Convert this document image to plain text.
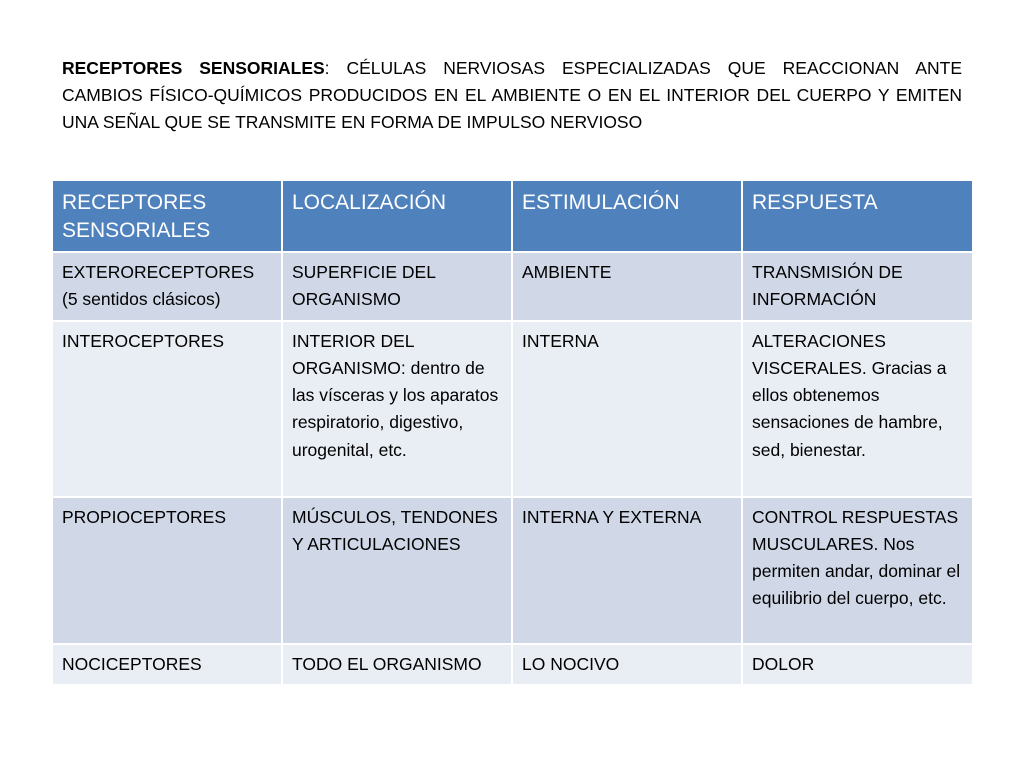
RECEPTORES SENSORIALES: CÉLULAS NERVIOSAS ESPECIALIZADAS QUE REACCIONAN ANTE CAMBIOS FÍSICO-QUÍMICOS PRODUCIDOS EN EL AMBIENTE O EN EL INTERIOR DEL CUERPO Y EMITEN UNA SEÑAL QUE SE TRANSMITE EN FORMA DE IMPULSO NERVIOSO

RECEPTORES SENSORIALES	LOCALIZACIÓN	ESTIMULACIÓN	RESPUESTA
EXTERORECEPTORES (5 sentidos clásicos)	SUPERFICIE DEL ORGANISMO	AMBIENTE	TRANSMISIÓN DE INFORMACIÓN
INTEROCEPTORES	INTERIOR DEL ORGANISMO: dentro de las vísceras y los aparatos respiratorio, digestivo, urogenital, etc.	INTERNA	ALTERACIONES VISCERALES. Gracias a ellos obtenemos sensaciones de hambre, sed, bienestar.
PROPIOCEPTORES	MÚSCULOS, TENDONES Y ARTICULACIONES	INTERNA Y EXTERNA	CONTROL RESPUESTAS MUSCULARES. Nos permiten andar, dominar el equilibrio del cuerpo, etc.
NOCICEPTORES	TODO EL ORGANISMO	LO NOCIVO	DOLOR
